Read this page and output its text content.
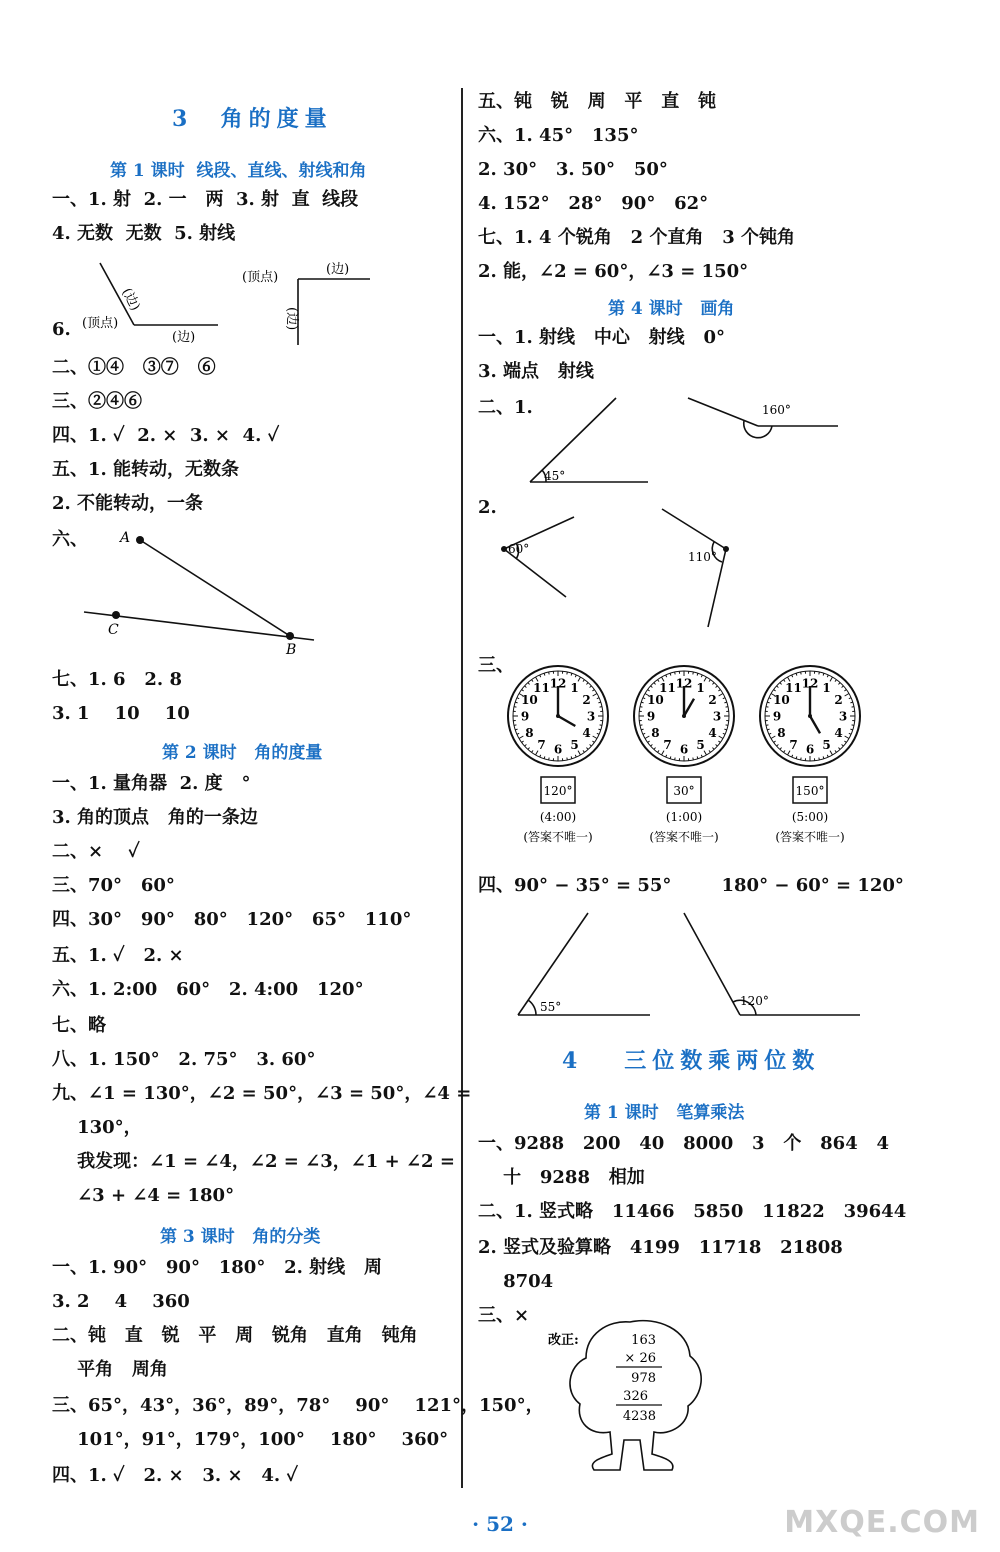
3  角的度量
第 1 课时  线段、直线、射线和角
一、1. 射  2. 一   两  3. 射  直  线段
4. 无数  无数  5. 射线
6. (顶点)
(边)
(边)
(顶点)
(边)
(边)
二、①④   ③⑦   ⑥
三、②④⑥
四、1. ✓  2. ×  3. ×  4. ✓
五、1. 能转动，无数条
2. 不能转动，一条
六、 A
C
B
七、1. 6   2. 8
3. 1    10    10
第 2 课时   角的度量
一、1. 量角器  2. 度   °
3. 角的顶点   角的一条边
二、×    ✓
三、70°   60°
四、30°   90°   80°   120°   65°   110°
五、1. ✓   2. ×
六、1. 2:00   60°   2. 4:00   120°
七、略
八、1. 150°   2. 75°   3. 60°
九、∠1 = 130°，∠2 = 50°，∠3 = 50°，∠4 =
130°，
我发现：∠1 = ∠4，∠2 = ∠3，∠1 + ∠2 =
∠3 + ∠4 = 180°
第 3 课时   角的分类
一、1. 90°   90°   180°   2. 射线   周
3. 2    4    360
二、钝   直   锐   平   周   锐角   直角   钝角
平角   周角
三、65°，43°，36°，89°，78°    90°    121°，150°，
101°，91°，179°，100°    180°    360°
四、1. ✓   2. ×   3. ×   4. ✓
五、钝   锐   周   平   直   钝
六、1. 45°   135°
2. 30°   3. 50°   50°
4. 152°   28°   90°   62°
七、1. 4 个锐角   2 个直角   3 个钝角
2. 能，∠2 = 60°，∠3 = 150°
第 4 课时   画角
一、1. 射线   中心   射线   0°
3. 端点   射线
二、1.
45°
160°
2.
60°
110°
三、
1
2
3
4
5
6
7
8
9
10
11 12
120°
(4:00)
(答案不唯一)
1
2
3
4
5
6
7
8
9
10
11 12
30°
(1:00)
(答案不唯一)
1
2
3
4
5
6
7
8
9
10
11 12
150°
(5:00)
(答案不唯一)
四、90° − 35° = 55°        180° − 60° = 120°
55°	120°
4   三位数乘两位数
第 1 课时   笔算乘法
一、9288   200   40   8000   3   个   864   4
十   9288   相加
二、1. 竖式略   11466   5850   11822   39644
2. 竖式及验算略   4199   11718   21808
8704
三、×
改正:	163
× 26
978
326
4238
· 52 ·	MXQE.COM
